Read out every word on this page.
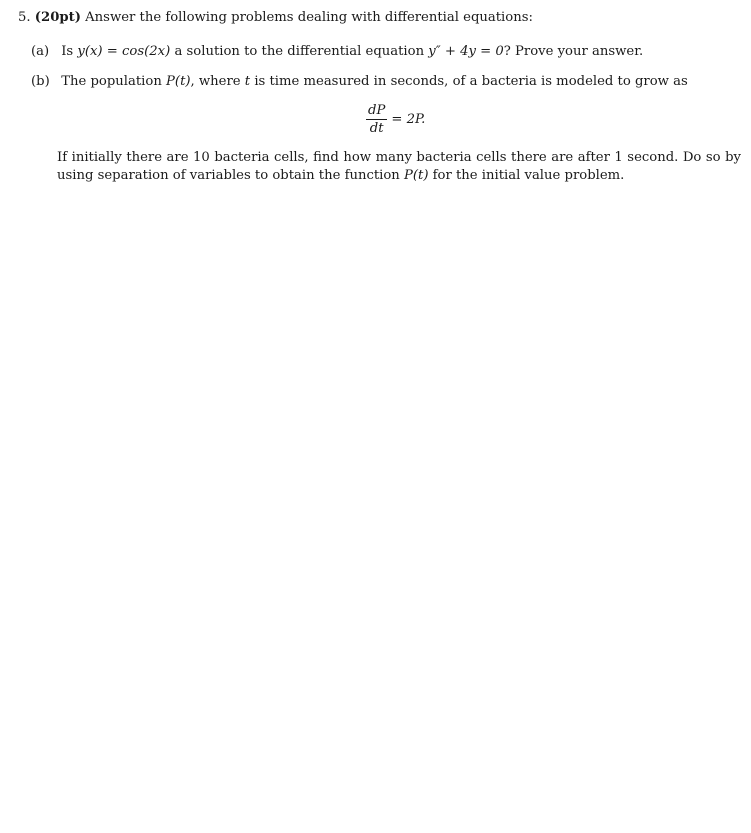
5. (20pt) Answer the following problems dealing with differential equations:
(a) Is y(x) = cos(2x) a solution to the differential equation y″ + 4y = 0? Prove your answer.
(b) The population P(t), where t is time measured in seconds, of a bacteria is modeled to grow as
$\frac{dP}{dt} = 2P$.
If initially there are 10 bacteria cells, find how many bacteria cells there are after 1 second. Do so by using separation of variables to obtain the function P(t) for the initial value problem.
